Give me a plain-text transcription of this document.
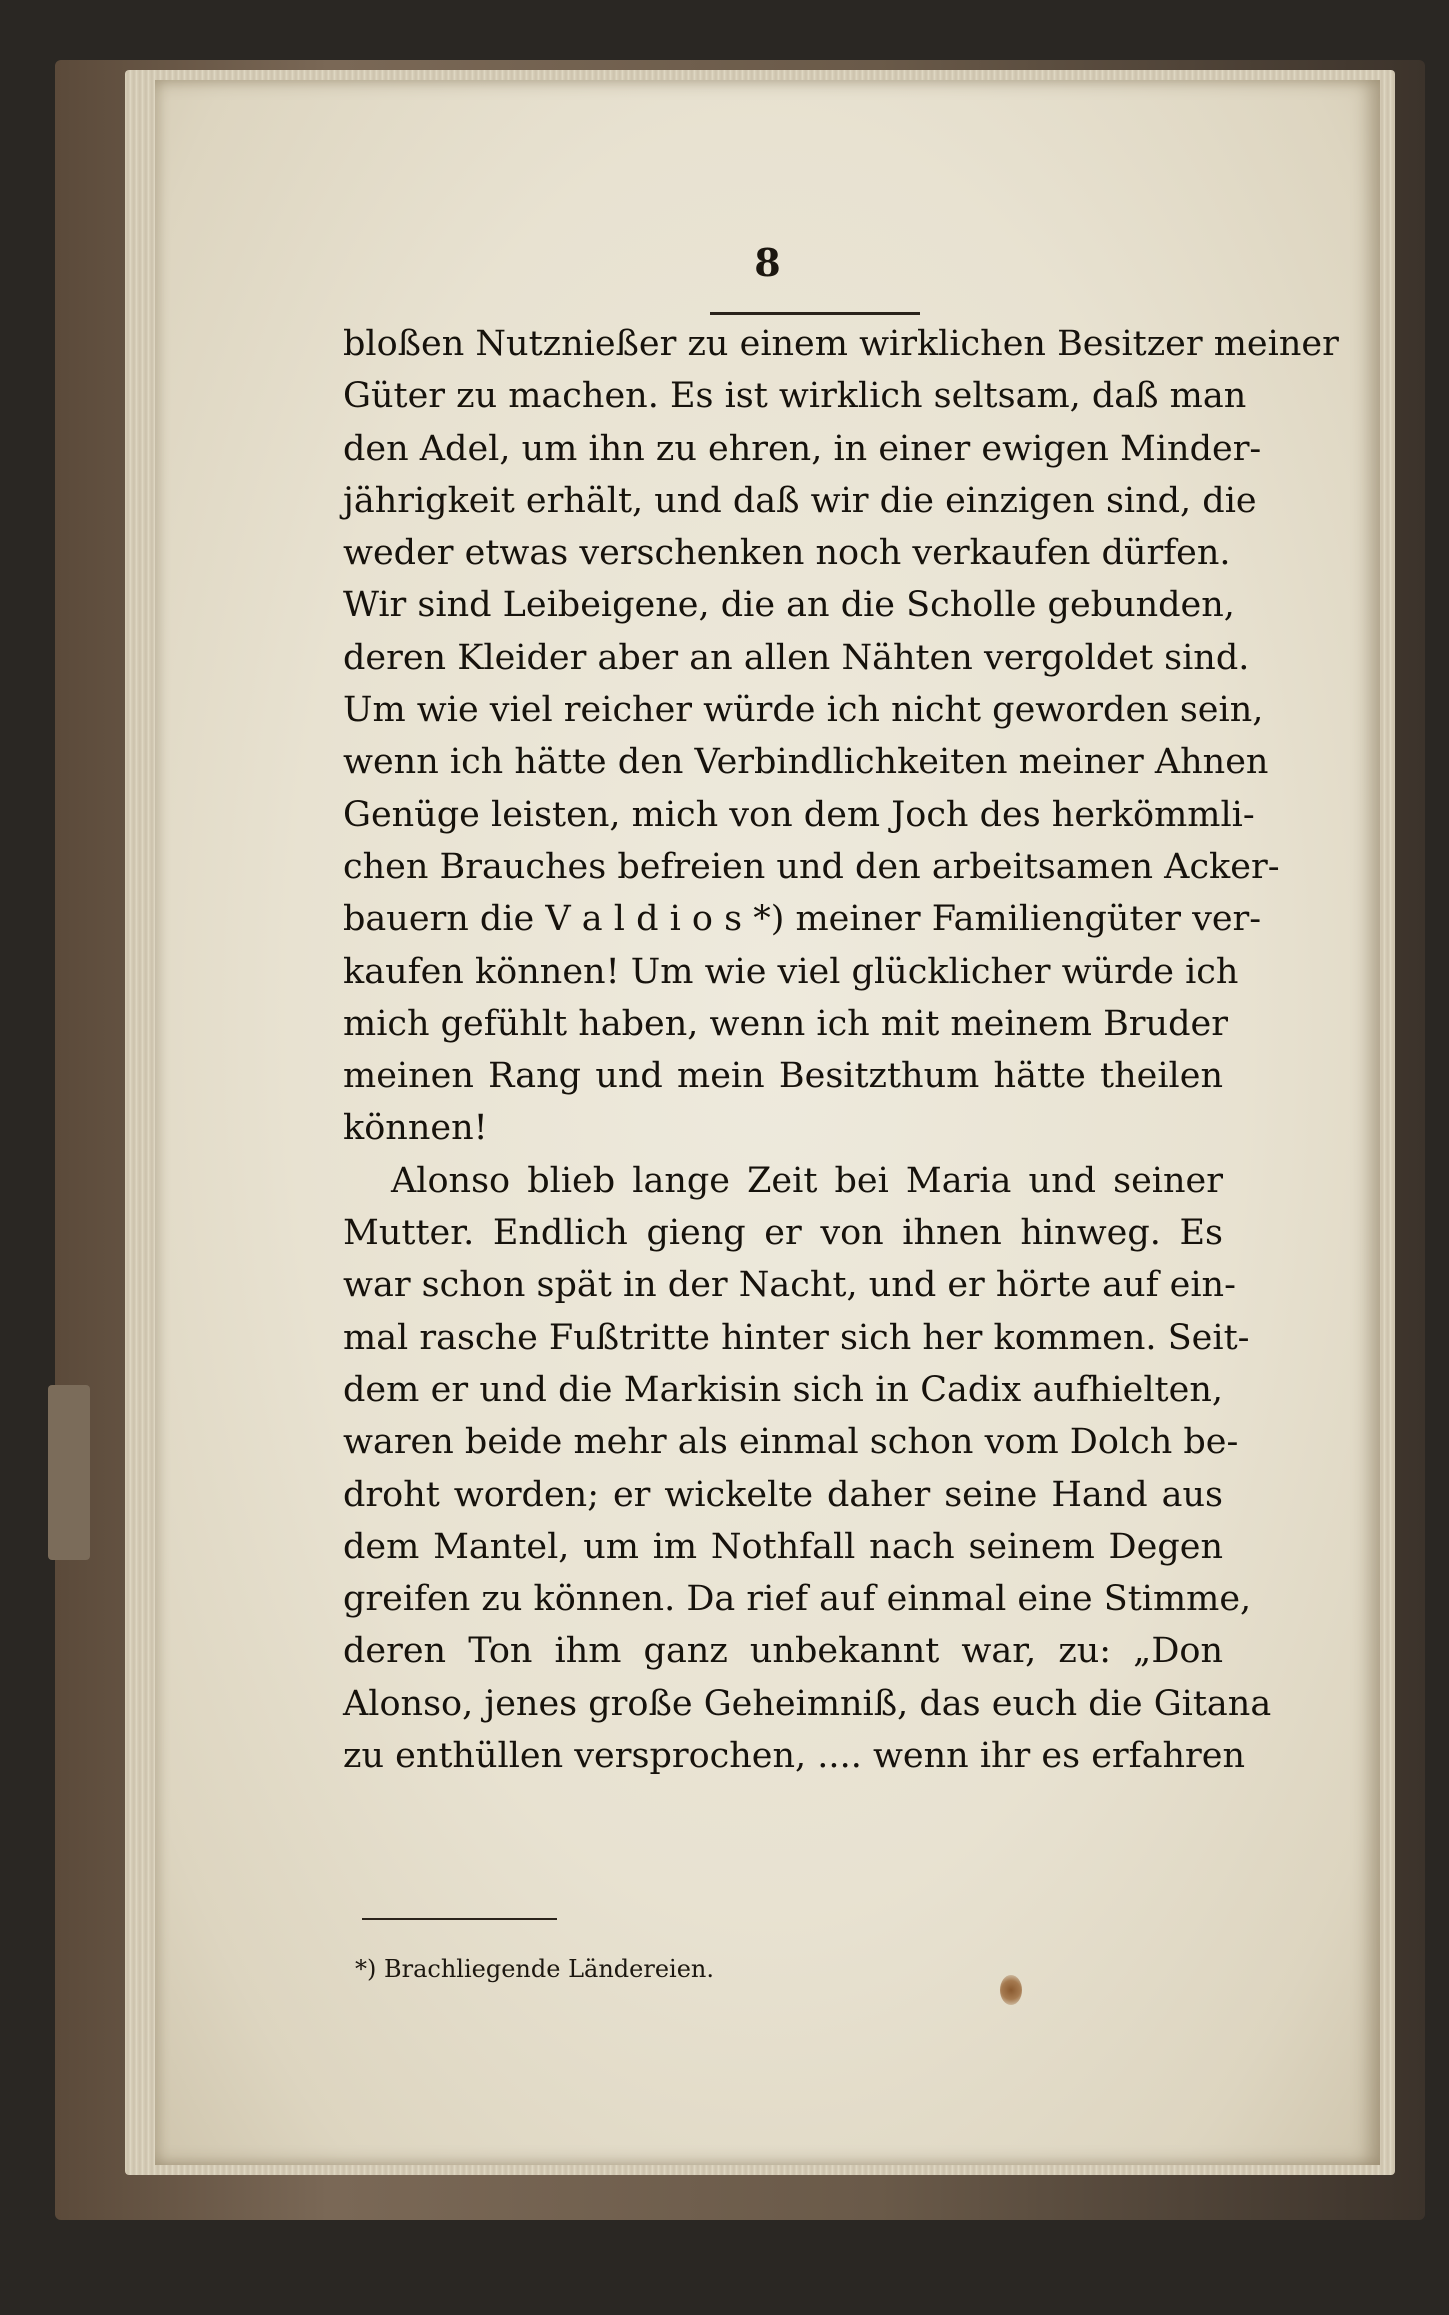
8
bloßen Nutznießer zu einem wirklichen Besitzer meiner
Güter zu machen. Es ist wirklich seltsam, daß man
den Adel, um ihn zu ehren, in einer ewigen Minder-
jährigkeit erhält, und daß wir die einzigen sind, die
weder etwas verschenken noch verkaufen dürfen.
Wir sind Leibeigene, die an die Scholle gebunden,
deren Kleider aber an allen Nähten vergoldet sind.
Um wie viel reicher würde ich nicht geworden sein,
wenn ich hätte den Verbindlichkeiten meiner Ahnen
Genüge leisten, mich von dem Joch des herkömmli-
chen Brauches befreien und den arbeitsamen Acker-
bauern die V a l d i o s *) meiner Familiengüter ver-
kaufen können! Um wie viel glücklicher würde ich
mich gefühlt haben, wenn ich mit meinem Bruder
meinen Rang und mein Besitzthum hätte theilen
können!
Alonso blieb lange Zeit bei Maria und seiner
Mutter. Endlich gieng er von ihnen hinweg. Es
war schon spät in der Nacht, und er hörte auf ein-
mal rasche Fußtritte hinter sich her kommen. Seit-
dem er und die Markisin sich in Cadix aufhielten,
waren beide mehr als einmal schon vom Dolch be-
droht worden; er wickelte daher seine Hand aus
dem Mantel, um im Nothfall nach seinem Degen
greifen zu können. Da rief auf einmal eine Stimme,
deren Ton ihm ganz unbekannt war, zu: „Don
Alonso, jenes große Geheimniß, das euch die Gitana
zu enthüllen versprochen, .... wenn ihr es erfahren
*) Brachliegende Ländereien.
